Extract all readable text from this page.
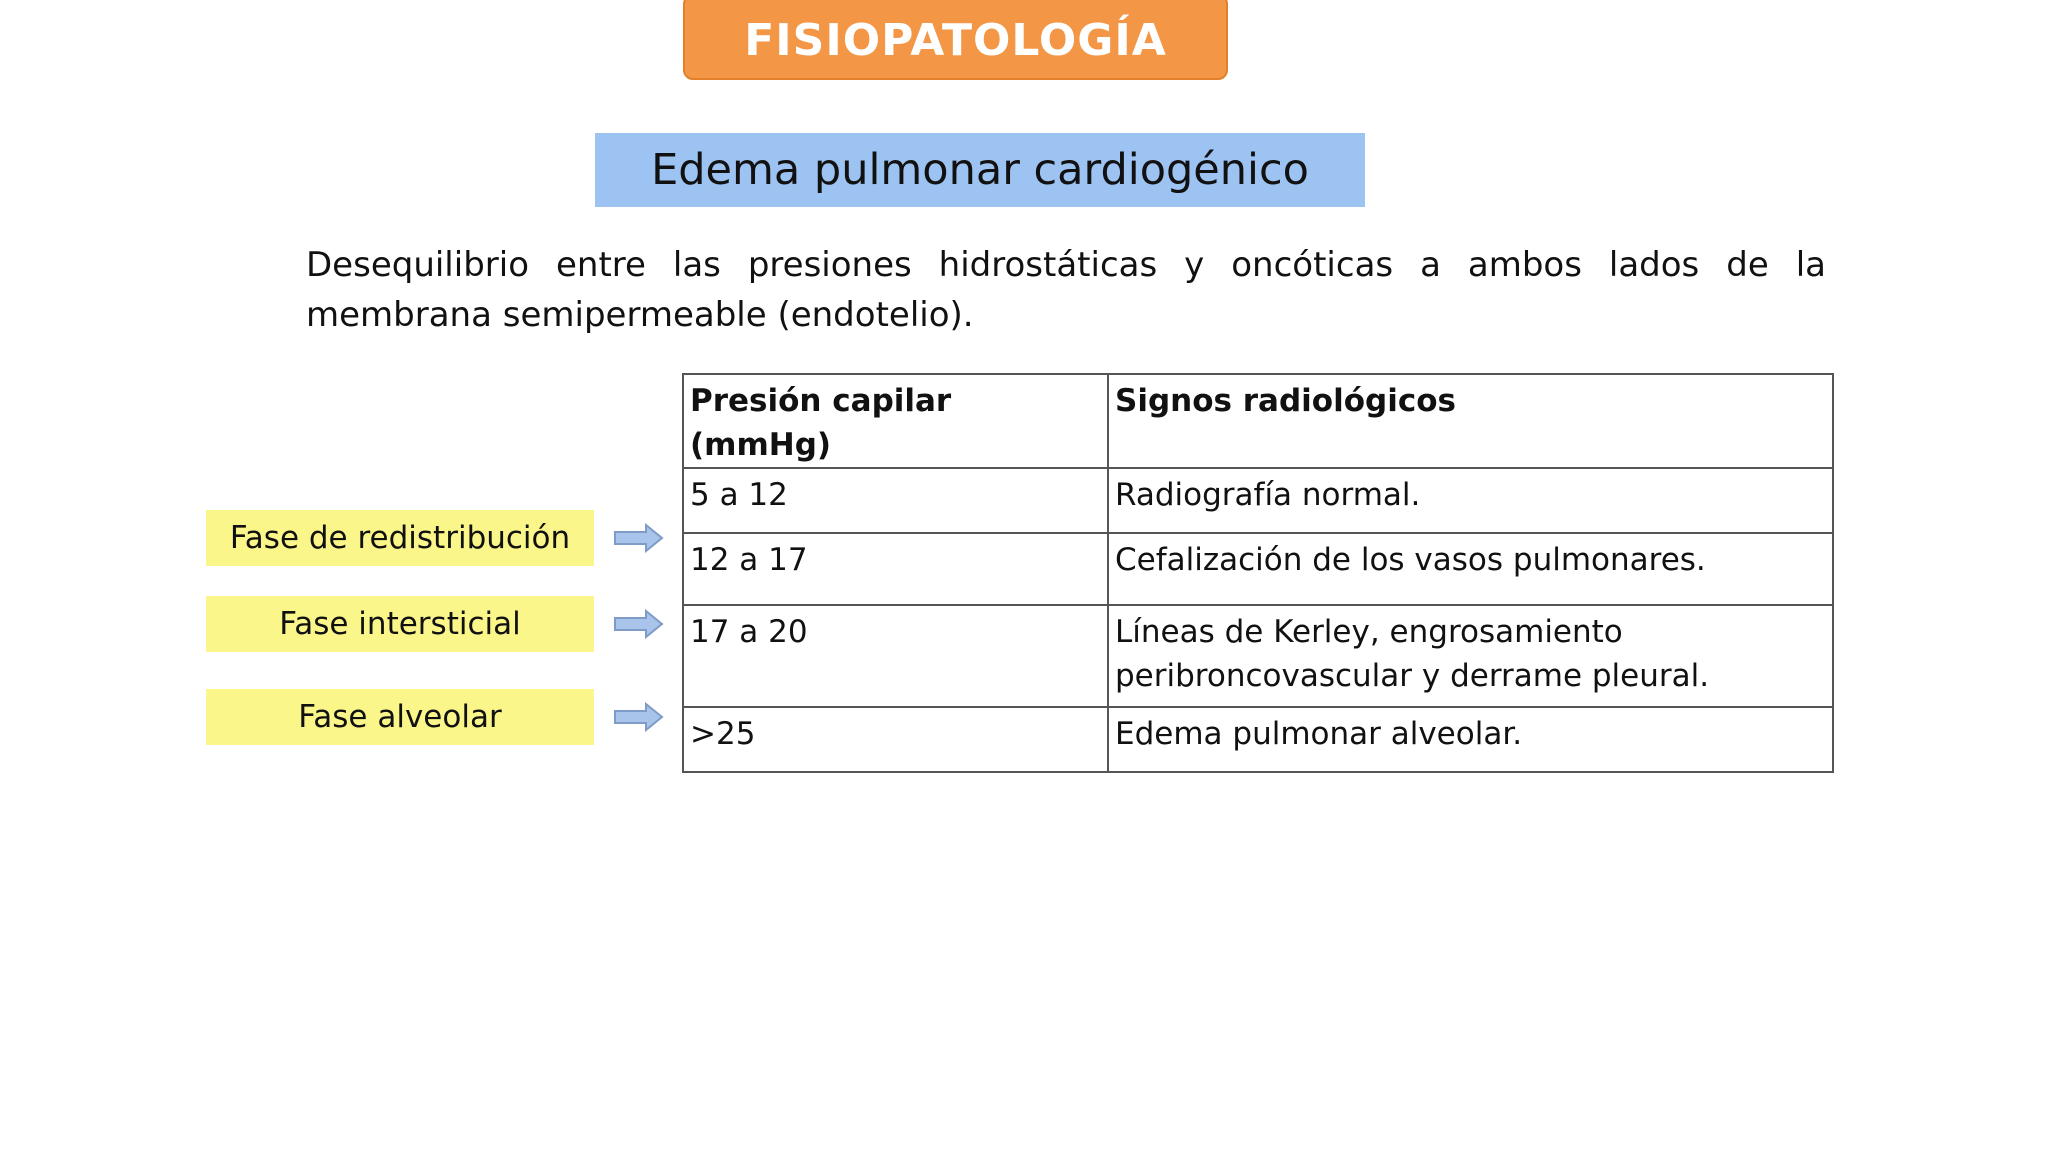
FISIOPATOLOGÍA
Edema pulmonar cardiogénico
Desequilibrio entre las presiones hidrostáticas y oncóticas a ambos lados de la membrana semipermeable (endotelio).
Fase de redistribución
Fase intersticial
Fase alveolar
Presión capilar (mmHg)	Signos radiológicos
5 a 12	Radiografía normal.
12 a 17	Cefalización de los vasos pulmonares.
17 a 20	Líneas de Kerley, engrosamiento peribroncovascular y derrame pleural.
>25	Edema pulmonar alveolar.
